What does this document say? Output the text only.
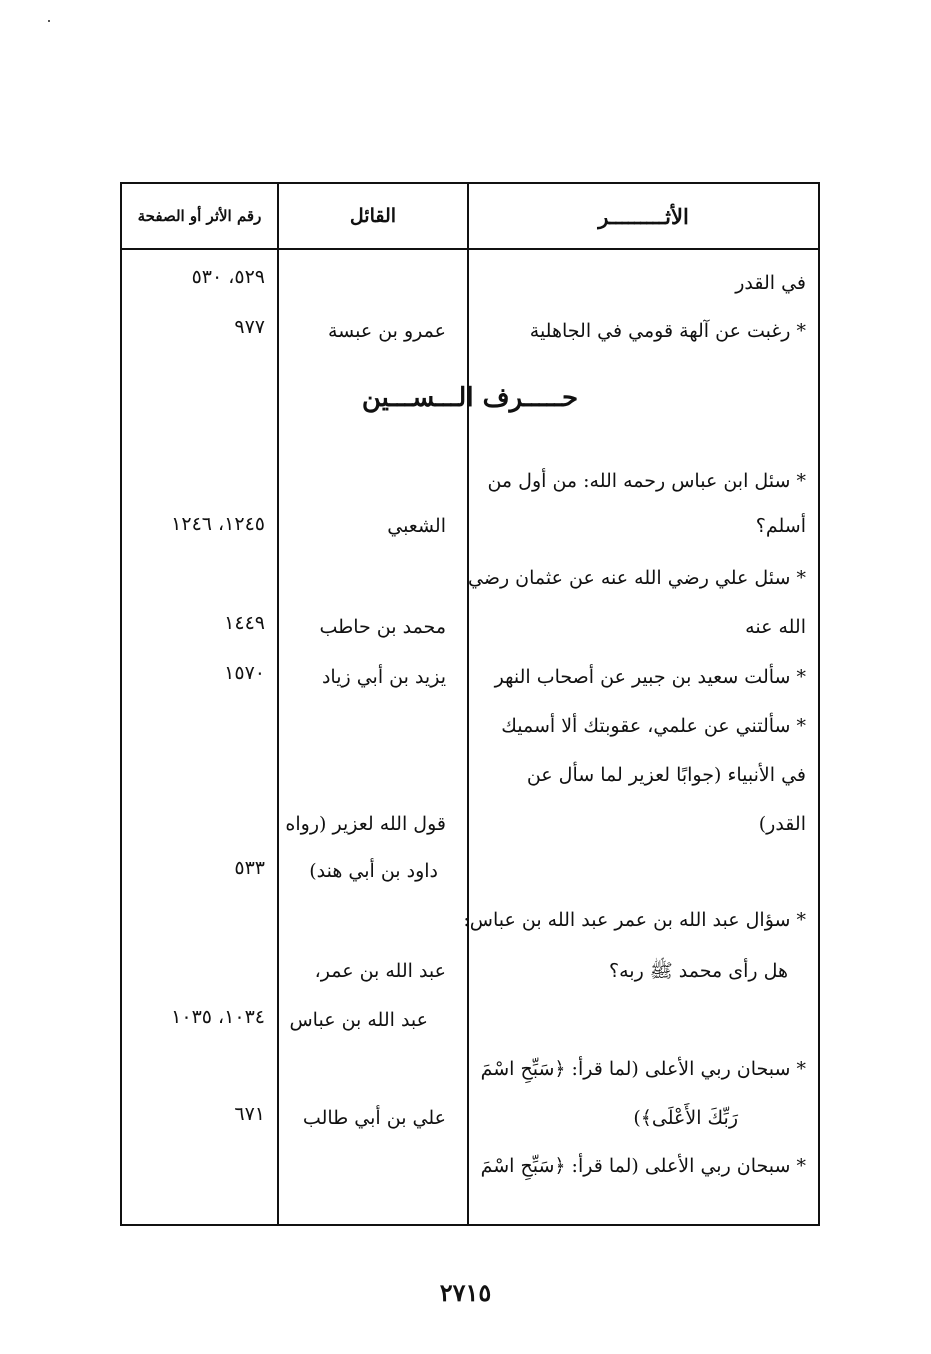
الأثـــــــــر
القائل
رقم الأثر أو الصفحة
في القدر
٥٢٩، ٥٣٠
* رغبت عن آلهة قومي في الجاهلية
عمرو بن عبسة
٩٧٧
* سئل ابن عباس رحمه الله: من أول من
أسلم؟
الشعبي
١٢٤٥، ١٢٤٦
* سئل علي رضي الله عنه عن عثمان رضي
الله عنه
محمد بن حاطب
١٤٤٩
* سألت سعيد بن جبير عن أصحاب النهر
يزيد بن أبي زياد
١٥٧٠
* سألتني عن علمي، عقوبتك ألا أسميك
في الأنبياء (جوابًا لعزير لما سأل عن
القدر)
قول الله لعزير (رواه
داود بن أبي هند)
٥٣٣
* سؤال عبد الله بن عمر عبد الله بن عباس:
هل رأى محمد ﷺ ربه؟
عبد الله بن عمر،
عبد الله بن عباس
١٠٣٤، ١٠٣٥
* سبحان ربي الأعلى (لما قرأ: ﴿سَبِّحِ اسْمَ
رَبِّكَ الأَعْلَى﴾)
علي بن أبي طالب
٦٧١
* سبحان ربي الأعلى (لما قرأ: ﴿سَبِّحِ اسْمَ
حـــــرف الـــســـين
٢٧١٥
